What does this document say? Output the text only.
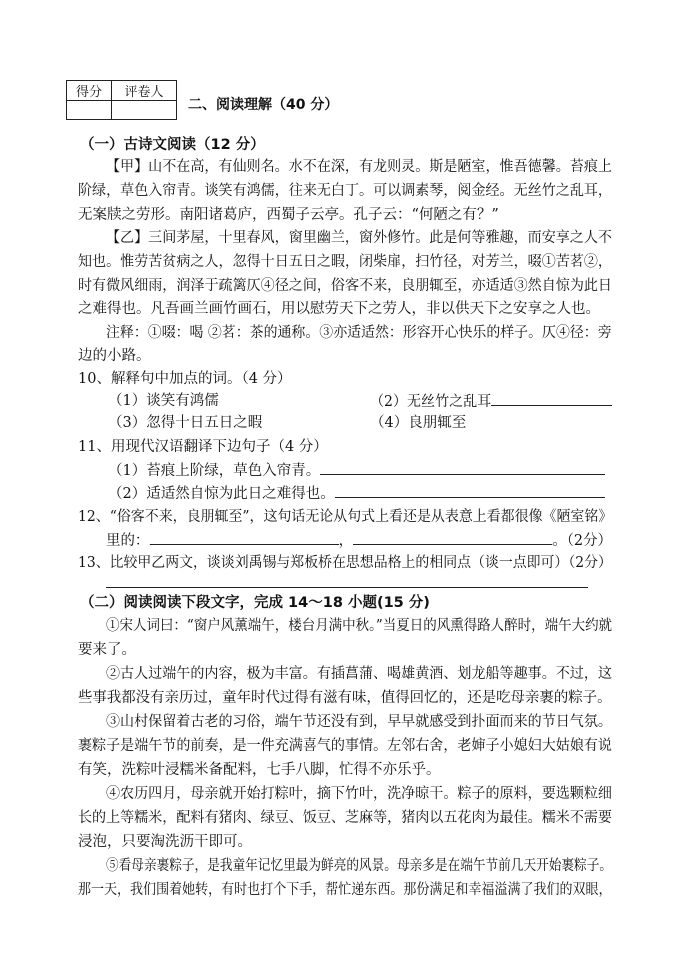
得分	评卷人

二、阅读理解（40 分）
（一）古诗文阅读（12 分）
【甲】山不在高，有仙则名。水不在深，有龙则灵。斯是陋室，惟吾德馨。苔痕上
阶绿，草色入帘青。谈笑有鸿儒，往来无白丁。可以调素琴，阅金经。无丝竹之乱耳，
无案牍之劳形。南阳诸葛庐，西蜀子云亭。孔子云：“何陋之有？”
【乙】三间茅屋，十里春风，窗里幽兰，窗外修竹。此是何等雅趣，而安享之人不
知也。惟劳苦贫病之人，忽得十日五日之暇，闭柴扉，扫竹径，对芳兰，啜①苦茗②，
时有微风细雨，润泽于疏篱仄④径之间，俗客不来，良朋辄至，亦适适③然自惊为此日
之难得也。凡吾画兰画竹画石，用以慰劳天下之劳人，非以供天下之安享之人也。
注释：①啜：喝 ②茗：茶的通称。③亦适适然：形容开心快乐的样子。仄④径：旁
边的小路。
10、解释句中加点的词。（4 分）
（1）谈笑有鸿儒	（2）无丝竹之乱耳
（3）忽得十日五日之暇	（4）良朋辄至
11、用现代汉语翻译下边句子（4 分）
（1）苔痕上阶绿，草色入帘青。
（2）适适然自惊为此日之难得也。
12、“俗客不来，良朋辄至”，这句话无论从句式上看还是从表意上看都很像《陋室铭》
里的：	，	。（2分）
13、比较甲乙两文，谈谈刘禹锡与郑板桥在思想品格上的相同点（谈一点即可）（2分）
（二）阅读阅读下段文字，完成 14～18 小题(15 分)
①宋人词曰：“窗户风薰端午，楼台月满中秋。”当夏日的风熏得路人醉时，端午大约就
要来了。
②古人过端午的内容，极为丰富。有插菖蒲、喝雄黄酒、划龙船等趣事。不过，这
些事我都没有亲历过，童年时代过得有滋有味，值得回忆的，还是吃母亲裹的粽子。
③山村保留着古老的习俗，端午节还没有到，早早就感受到扑面而来的节日气氛。
裹粽子是端午节的前奏，是一件充满喜气的事情。左邻右舍，老婶子小媳妇大姑娘有说
有笑，洗粽叶浸糯米备配料，七手八脚，忙得不亦乐乎。
④农历四月，母亲就开始打粽叶，摘下竹叶，洗净晾干。粽子的原料，要选颗粒细
长的上等糯米，配料有猪肉、绿豆、饭豆、芝麻等，猪肉以五花肉为最佳。糯米不需要
浸泡，只要淘洗沥干即可。
⑤看母亲裹粽子，是我童年记忆里最为鲜亮的风景。母亲多是在端午节前几天开始裹粽子。
那一天，我们围着她转，有时也打个下手，帮忙递东西。那份满足和幸福溢满了我们的双眼，
